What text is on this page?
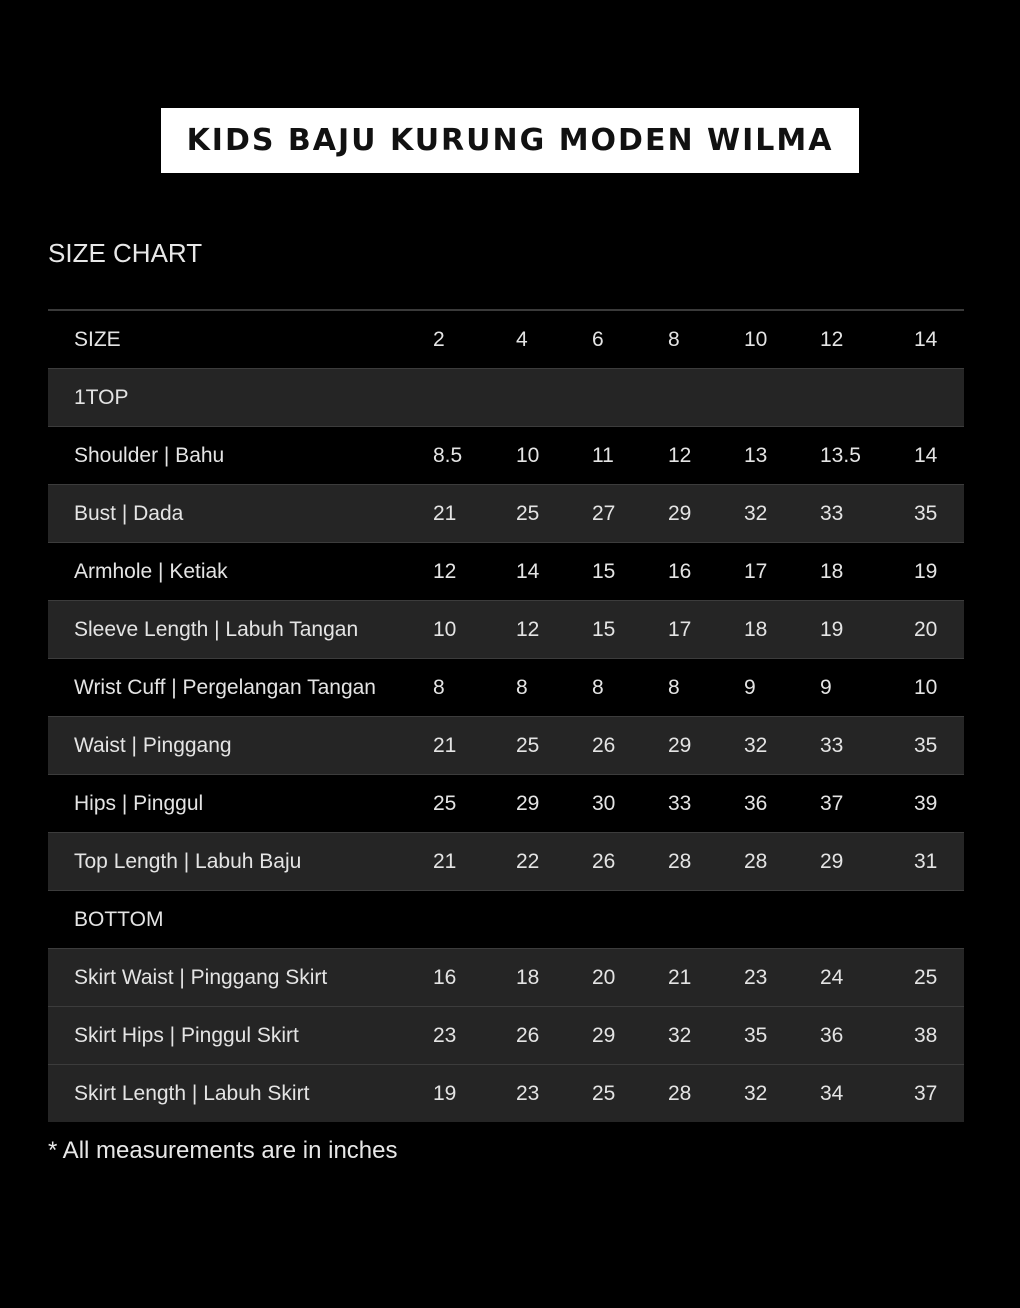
KIDS BAJU KURUNG MODEN WILMA
SIZE CHART
SIZE	2	4	6	8	10	12	14
1TOP
Shoulder | Bahu	8.5	10	11	12	13	13.5	14
Bust | Dada	21	25	27	29	32	33	35
Armhole | Ketiak	12	14	15	16	17	18	19
Sleeve Length | Labuh Tangan	10	12	15	17	18	19	20
Wrist Cuff | Pergelangan Tangan	8	8	8	8	9	9	10
Waist | Pinggang	21	25	26	29	32	33	35
Hips | Pinggul	25	29	30	33	36	37	39
Top Length | Labuh Baju	21	22	26	28	28	29	31
BOTTOM
Skirt Waist | Pinggang Skirt	16	18	20	21	23	24	25
Skirt Hips | Pinggul Skirt	23	26	29	32	35	36	38
Skirt Length | Labuh Skirt	19	23	25	28	32	34	37
* All measurements are in inches
